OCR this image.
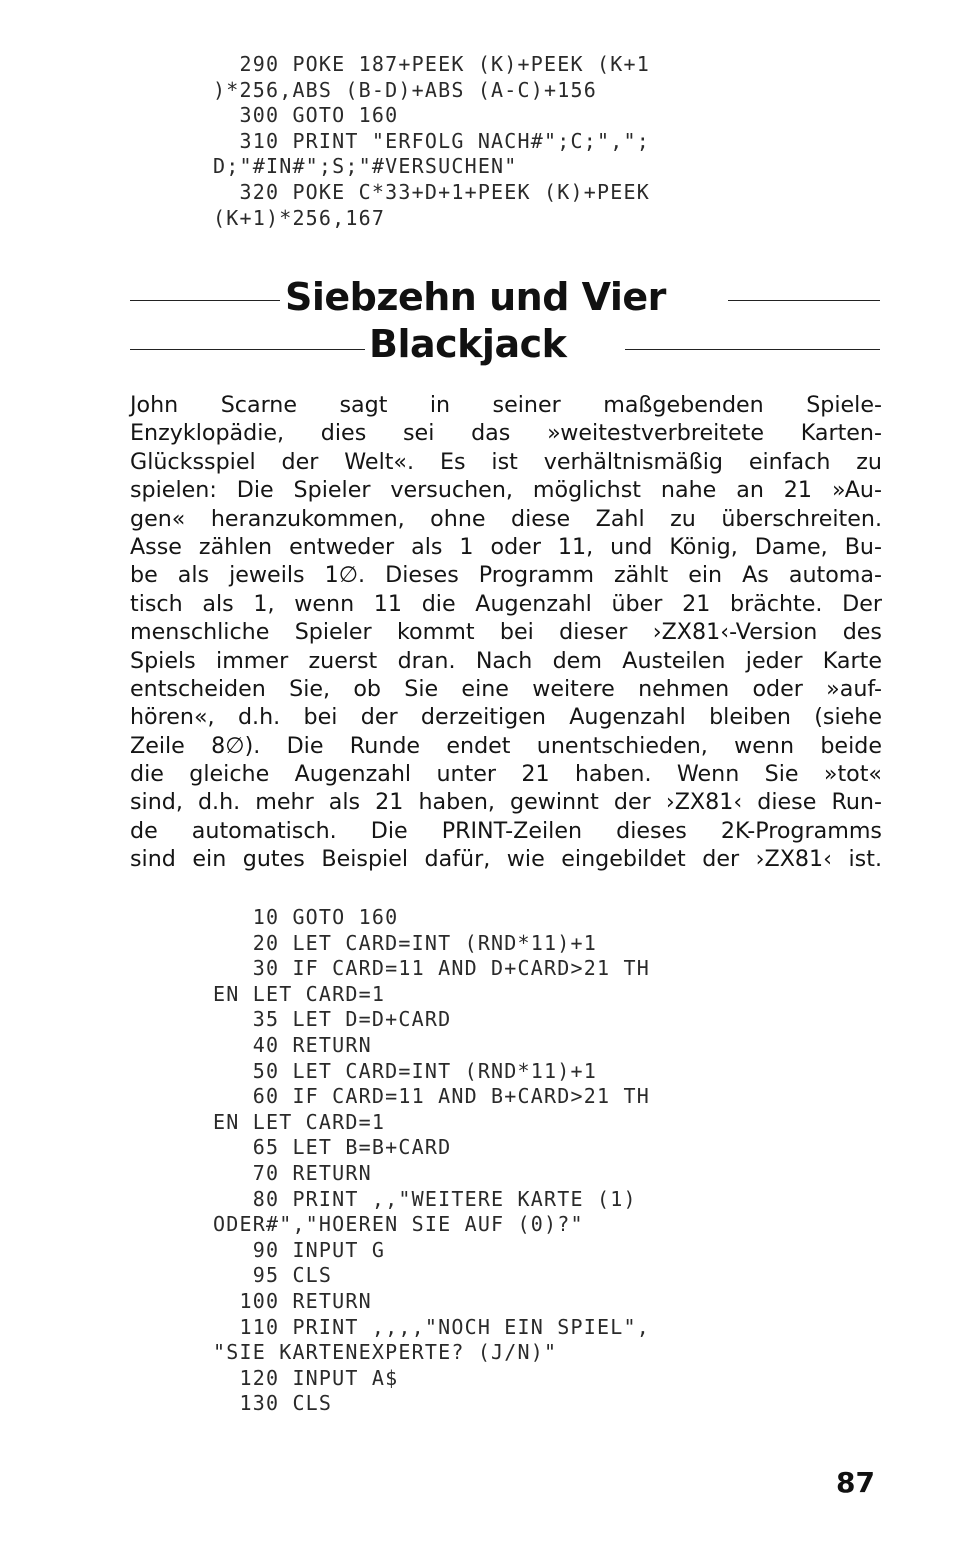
290 POKE 187+PEEK (K)+PEEK (K+1
)*256,ABS (B-D)+ABS (A-C)+156
300 GOTO 160
310 PRINT "ERFOLG NACH#";C;",";
D;"#IN#";S;"#VERSUCHEN"
320 POKE C*33+D+1+PEEK (K)+PEEK
(K+1)*256,167
Siebzehn und Vier
Blackjack
John Scarne sagt in seiner maßgebenden Spiele-
Enzyklopädie, dies sei das »weitestverbreitete Karten-
Glücksspiel der Welt«. Es ist verhältnismäßig einfach zu
spielen: Die Spieler versuchen, möglichst nahe an 21 »Au-
gen« heranzukommen, ohne diese Zahl zu überschreiten.
Asse zählen entweder als 1 oder 11, und König, Dame, Bu-
be als jeweils 1∅. Dieses Programm zählt ein As automa-
tisch als 1, wenn 11 die Augenzahl über 21 brächte. Der
menschliche Spieler kommt bei dieser ›ZX81‹-Version des
Spiels immer zuerst dran. Nach dem Austeilen jeder Karte
entscheiden Sie, ob Sie eine weitere nehmen oder »auf-
hören«, d.h. bei der derzeitigen Augenzahl bleiben (siehe
Zeile 8∅). Die Runde endet unentschieden, wenn beide
die gleiche Augenzahl unter 21 haben. Wenn Sie »tot«
sind, d.h. mehr als 21 haben, gewinnt der ›ZX81‹ diese Run-
de automatisch. Die PRINT-Zeilen dieses 2K-Programms
sind ein gutes Beispiel dafür, wie eingebildet der ›ZX81‹ ist.
10 GOTO 160
20 LET CARD=INT (RND*11)+1
30 IF CARD=11 AND D+CARD>21 TH
EN LET CARD=1
35 LET D=D+CARD
40 RETURN
50 LET CARD=INT (RND*11)+1
60 IF CARD=11 AND B+CARD>21 TH
EN LET CARD=1
65 LET B=B+CARD
70 RETURN
80 PRINT ,,"WEITERE KARTE (1)
ODER#","HOEREN SIE AUF (0)?"
90 INPUT G
95 CLS
100 RETURN
110 PRINT ,,,,"NOCH EIN SPIEL",
"SIE KARTENEXPERTE? (J/N)"
120 INPUT A$
130 CLS
87
